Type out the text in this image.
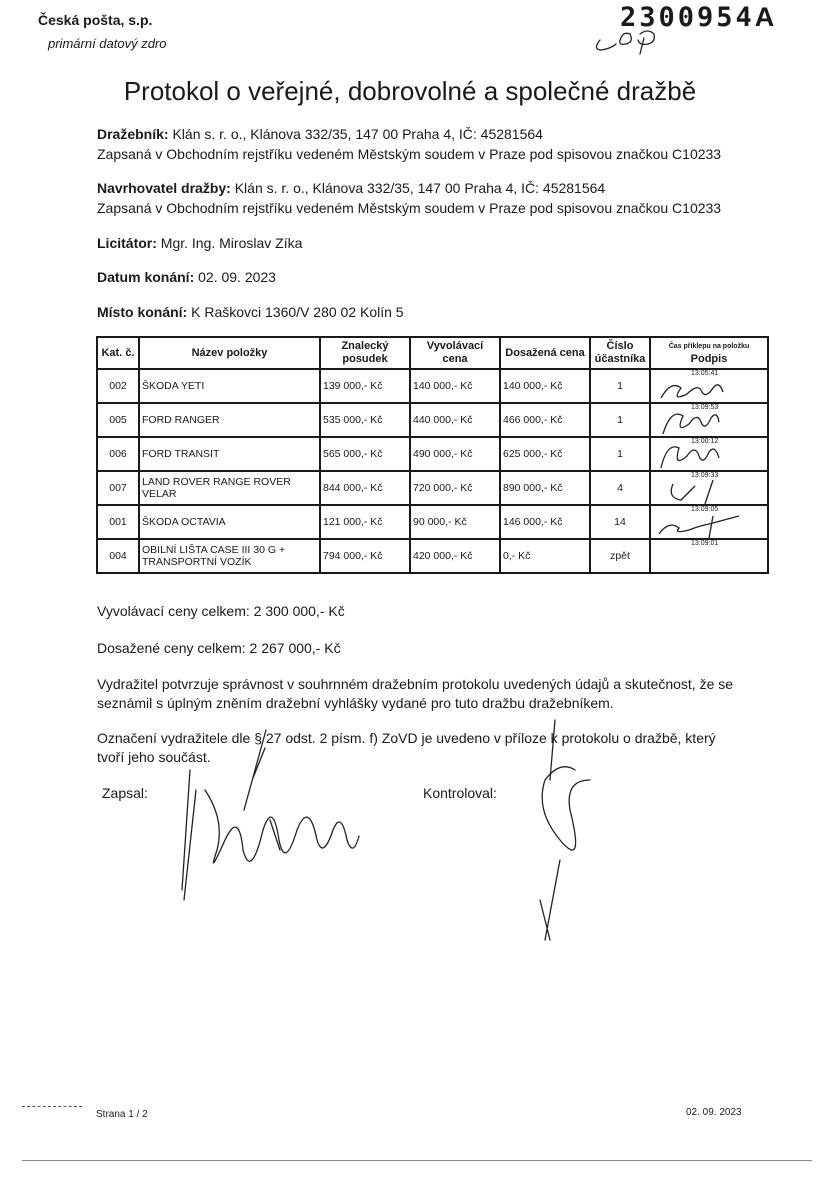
Česká pošta, s.p.
primární datový zdro
2300954A
Protokol o veřejné, dobrovolné a společné dražbě
Dražebník: Klán s. r. o., Klánova 332/35, 147 00 Praha 4, IČ: 45281564
Zapsaná v Obchodním rejstříku vedeném Městským soudem v Praze pod spisovou značkou C10233
Navrhovatel dražby: Klán s. r. o., Klánova 332/35, 147 00 Praha 4, IČ: 45281564
Zapsaná v Obchodním rejstříku vedeném Městským soudem v Praze pod spisovou značkou C10233
Licitátor: Mgr. Ing. Miroslav Zíka
Datum konání: 02. 09. 2023
Místo konání: K Raškovci 1360/V 280 02 Kolín 5
Kat. č.	Název položky	Znalecký posudek	Vyvolávací cena	Dosažená cena	Číslo účastníka	Čas příklepu na položku
Podpis
002	ŠKODA YETI	139 000,- Kč	140 000,- Kč	140 000,- Kč	1	13:05:41

005	FORD RANGER	535 000,- Kč	440 000,- Kč	466 000,- Kč	1	13:09:53

006	FORD TRANSIT	565 000,- Kč	490 000,- Kč	625 000,- Kč	1	13:00:12

007	LAND ROVER RANGE ROVER VELAR	844 000,- Kč	720 000,- Kč	890 000,- Kč	4	13:09:33

001	ŠKODA OCTAVIA	121 000,- Kč	90 000,- Kč	146 000,- Kč	14	13:09:05

004	OBILNÍ LIŠTA CASE III 30 G + TRANSPORTNÍ VOZÍK	794 000,- Kč	420 000,- Kč	0,- Kč	zpět	13:09:01
Vyvolávací ceny celkem: 2 300 000,- Kč
Dosažené ceny celkem: 2 267 000,- Kč
Vydražitel potvrzuje správnost v souhrnném dražebním protokolu uvedených údajů a skutečnost, že se seznámil s úplným zněním dražební vyhlášky vydané pro tuto dražbu dražebníkem.
Označení vydražitele dle § 27 odst. 2 písm. f) ZoVD je uvedeno v příloze k protokolu o dražbě, který tvoří jeho součást.
Zapsal:	Kontroloval:
Strana 1 / 2	02. 09. 2023
